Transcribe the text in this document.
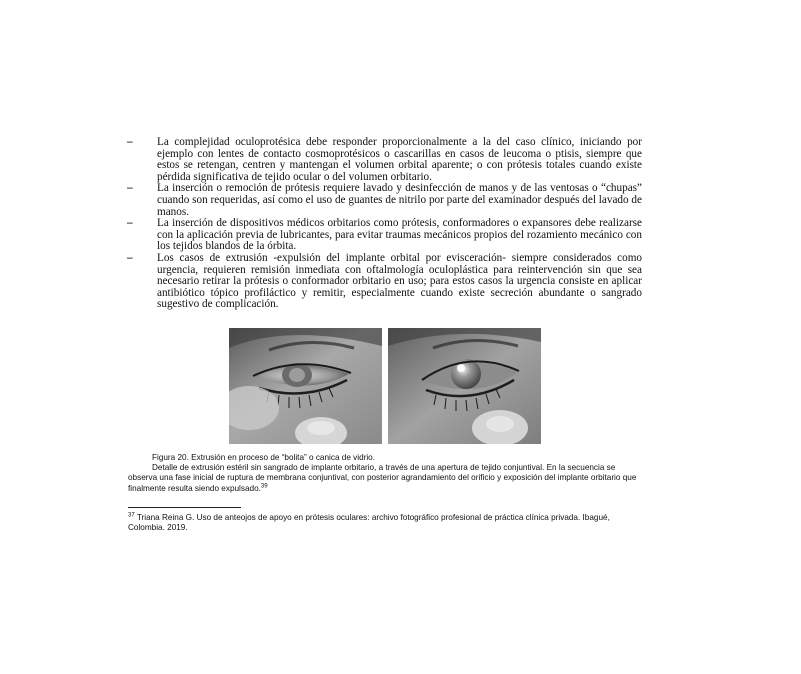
– La complejidad oculoprotésica debe responder proporcionalmente a la del caso clínico, iniciando por ejemplo con lentes de contacto cosmoprotésicos o cascarillas en casos de leucoma o ptisis, siempre que estos se retengan, centren y mantengan el volumen orbital aparente; o con prótesis totales cuando existe pérdida significativa de tejido ocular o del volumen orbitario.
– La inserción o remoción de prótesis requiere lavado y desinfección de manos y de las ventosas o “chupas” cuando son requeridas, así como el uso de guantes de nitrilo por parte del examinador después del lavado de manos.
– La inserción de dispositivos médicos orbitarios como prótesis, conformadores o expansores debe realizarse con la aplicación previa de lubricantes, para evitar traumas mecánicos propios del rozamiento mecánico con los tejidos blandos de la órbita.
– Los casos de extrusión -expulsión del implante orbital por evisceración- siempre considerados como urgencia, requieren remisión inmediata con oftalmología oculoplástica para reintervención sin que sea necesario retirar la prótesis o conformador orbitario en uso; para estos casos la urgencia consiste en aplicar antibiótico tópico profiláctico y remitir, especialmente cuando existe secreción abundante o sangrado sugestivo de complicación.
Figura 20. Extrusión en proceso de “bolita” o canica de vidrio.
Detalle de extrusión estéril sin sangrado de implante orbitario, a través de una apertura de tejido conjuntival. En la secuencia se observa una fase inicial de ruptura de membrana conjuntival, con posterior agrandamiento del orificio y exposición del implante orbitario que finalmente resulta siendo expulsado.$^{39}$
$^{37}$ Triana Reina G. Uso de anteojos de apoyo en prótesis oculares: archivo fotográfico profesional de práctica clínica privada. Ibagué, Colombia. 2019.
